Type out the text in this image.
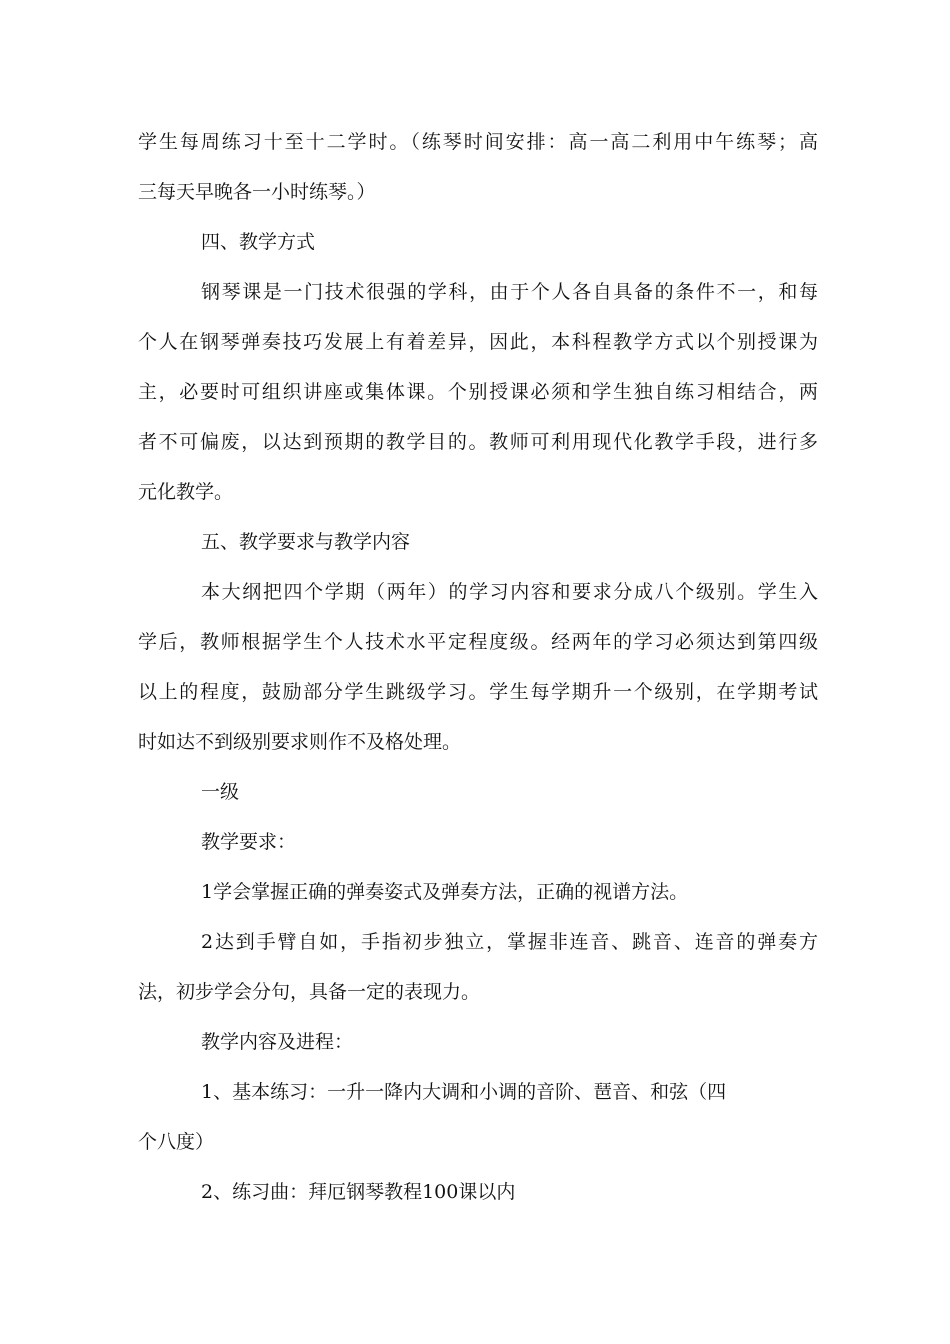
学生每周练习十至十二学时。（练琴时间安排：高一高二利用中午练琴；高
三每天早晚各一小时练琴。）
四、教学方式
钢琴课是一门技术很强的学科，由于个人各自具备的条件不一，和每
个人在钢琴弹奏技巧发展上有着差异，因此，本科程教学方式以个别授课为
主，必要时可组织讲座或集体课。个别授课必须和学生独自练习相结合，两
者不可偏废，以达到预期的教学目的。教师可利用现代化教学手段，进行多
元化教学。
五、教学要求与教学内容
本大纲把四个学期（两年）的学习内容和要求分成八个级别。学生入
学后，教师根据学生个人技术水平定程度级。经两年的学习必须达到第四级
以上的程度，鼓励部分学生跳级学习。学生每学期升一个级别，在学期考试
时如达不到级别要求则作不及格处理。
一级
教学要求：
1学会掌握正确的弹奏姿式及弹奏方法，正确的视谱方法。
2达到手臂自如，手指初步独立，掌握非连音、跳音、连音的弹奏方
法，初步学会分句，具备一定的表现力。
教学内容及进程：
1、基本练习：一升一降内大调和小调的音阶、琶音、和弦（四
个八度）
2、练习曲：拜厄钢琴教程100课以内
